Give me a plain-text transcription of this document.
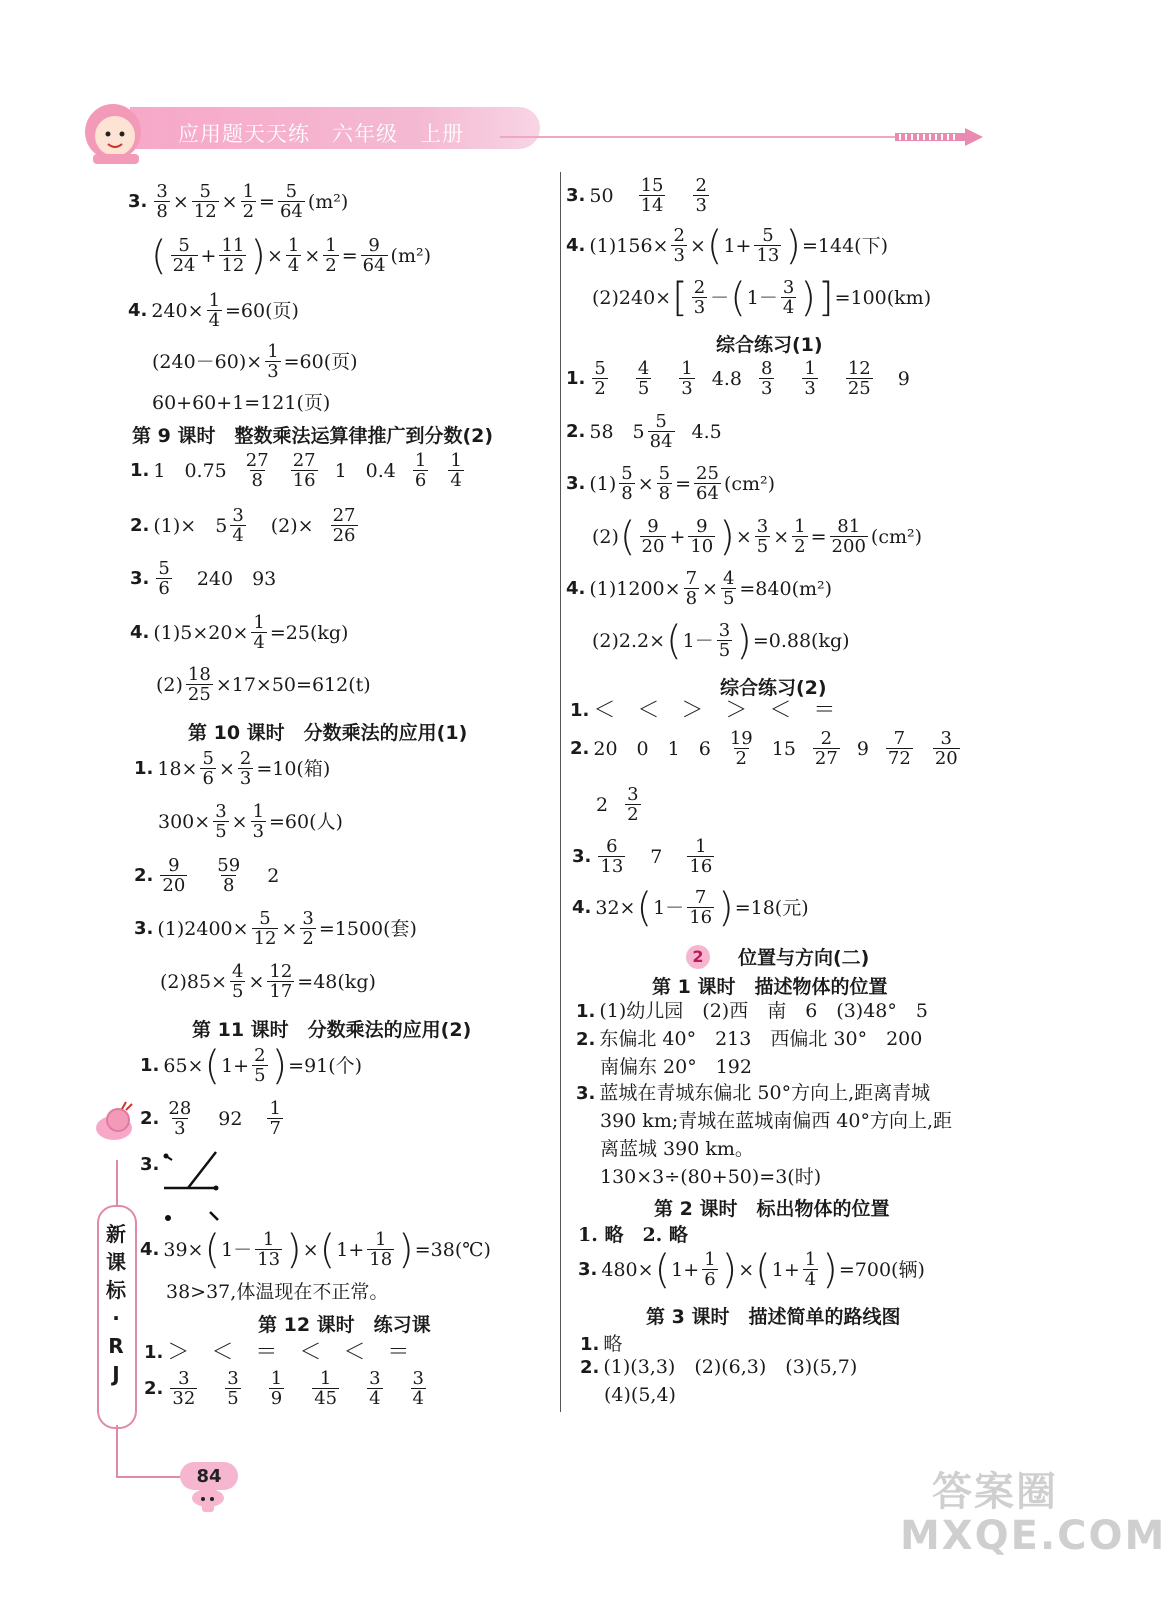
应用题天天练　六年级　上册
3. $\frac{3}{8} \times \frac{5}{12} \times \frac{1}{2} = \frac{5}{64} (m^2)$
( $\frac{5}{24} + \frac{11}{12}$ ) × $\frac{1}{4} \times \frac{1}{2} = \frac{9}{64} (m^2)$
4. $240\times \frac{1}{4} =60$(页)
$(240-60)\times \frac{1}{3} =60$(页)
60+60+1=121(页)
第 9 课时　整数乘法运算律推广到分数(2)
1. 1　$0.75 \frac{27}{8} \frac{27}{16} 1$　$0.4 \frac{1}{6} \frac{1}{4}$
2. (1)×　$5 \frac{3}{4} (2)\times \frac{27}{26}$
3. $\frac{5}{6} 240$　93
4. $(1)5\times 20\times \frac{1}{4} =25(kg)$
$(2) \frac{18}{25} \times 17\times 50=612(t)$
第 10 课时　分数乘法的应用(1)
1. $18\times \frac{5}{6} \times \frac{2}{3} =10$(箱)
$300\times \frac{3}{5} \times \frac{1}{3} =60$(人)
2. $\frac{9}{20} \frac{59}{8} 2$
3. $(1)2400\times \frac{5}{12} \times \frac{3}{2} =1500$(套)
$(2)85\times \frac{4}{5} \times \frac{12}{17} =48(kg)$
第 11 课时　分数乘法的应用(2)
1. 65× ( $1+ \frac{2}{5}$ ) =91(个)
2. $\frac{28}{3} 92 \frac{1}{7}$
3.
4. 39× ( $1- \frac{1}{13}$ ) × ( $1+ \frac{1}{18}$ ) =38(℃)
38>37,体温现在不正常。
第 12 课时　练习课
1. ＞　＜　＝　＜　＜　＝
2. $\frac{3}{32} \frac{3}{5} \frac{1}{9} \frac{1}{45} \frac{3}{4} \frac{3}{4}$
新
课
标
·
R
J
84
3. $50 \frac{15}{14} \frac{2}{3}$
4. $(1)156\times \frac{2}{3}$ × ( $1+ \frac{5}{13}$ ) =144(下)
(2)240× [ $\frac{2}{3}$ － ( $1- \frac{3}{4}$ ) ] =100(km)
综合练习(1)
1. $\frac{5}{2} \frac{4}{5} \frac{1}{3} 4.8 \frac{8}{3} \frac{1}{3} \frac{12}{25} 9$
2. 58　$5 \frac{5}{84} 4.5$
3. $(1) \frac{5}{8} \times \frac{5}{8} = \frac{25}{64} (cm^2)$
(2) ( $\frac{9}{20} + \frac{9}{10}$ ) × $\frac{3}{5} \times \frac{1}{2} = \frac{81}{200} (cm^2)$
4. $(1)1200\times \frac{7}{8} \times \frac{4}{5} =840(m^2)$
(2)2.2× ( $1- \frac{3}{5}$ ) =0.88(kg)
综合练习(2)
1. ＜　＜　＞　＞　＜　＝
2. 20　0　1　$6 \frac{19}{2} 15 \frac{2}{27} 9 \frac{7}{72} \frac{3}{20}$
$2 \frac{3}{2}$
3. $\frac{6}{13} 7 \frac{1}{16}$
4. 32× ( $1- \frac{7}{16}$ ) =18(元)
2	位置与方向(二)
第 1 课时　描述物体的位置
1. (1)幼儿园　(2)西　南　6　(3)48°　5
2. 东偏北 40°　213　西偏北 30°　200
南偏东 20°　192
3. 蓝城在青城东偏北 50°方向上,距离青城
390 km;青城在蓝城南偏西 40°方向上,距
离蓝城 390 km。
130×3÷(80+50)=3(时)
第 2 课时　标出物体的位置
1. 略　2. 略
3. 480× ( $1+ \frac{1}{6}$ ) × ( $1+ \frac{1}{4}$ ) =700(辆)
第 3 课时　描述简单的路线图
1. 略
2. (1)(3,3)　(2)(6,3)　(3)(5,7)
(4)(5,4)
答案圈 MXQE.COM
